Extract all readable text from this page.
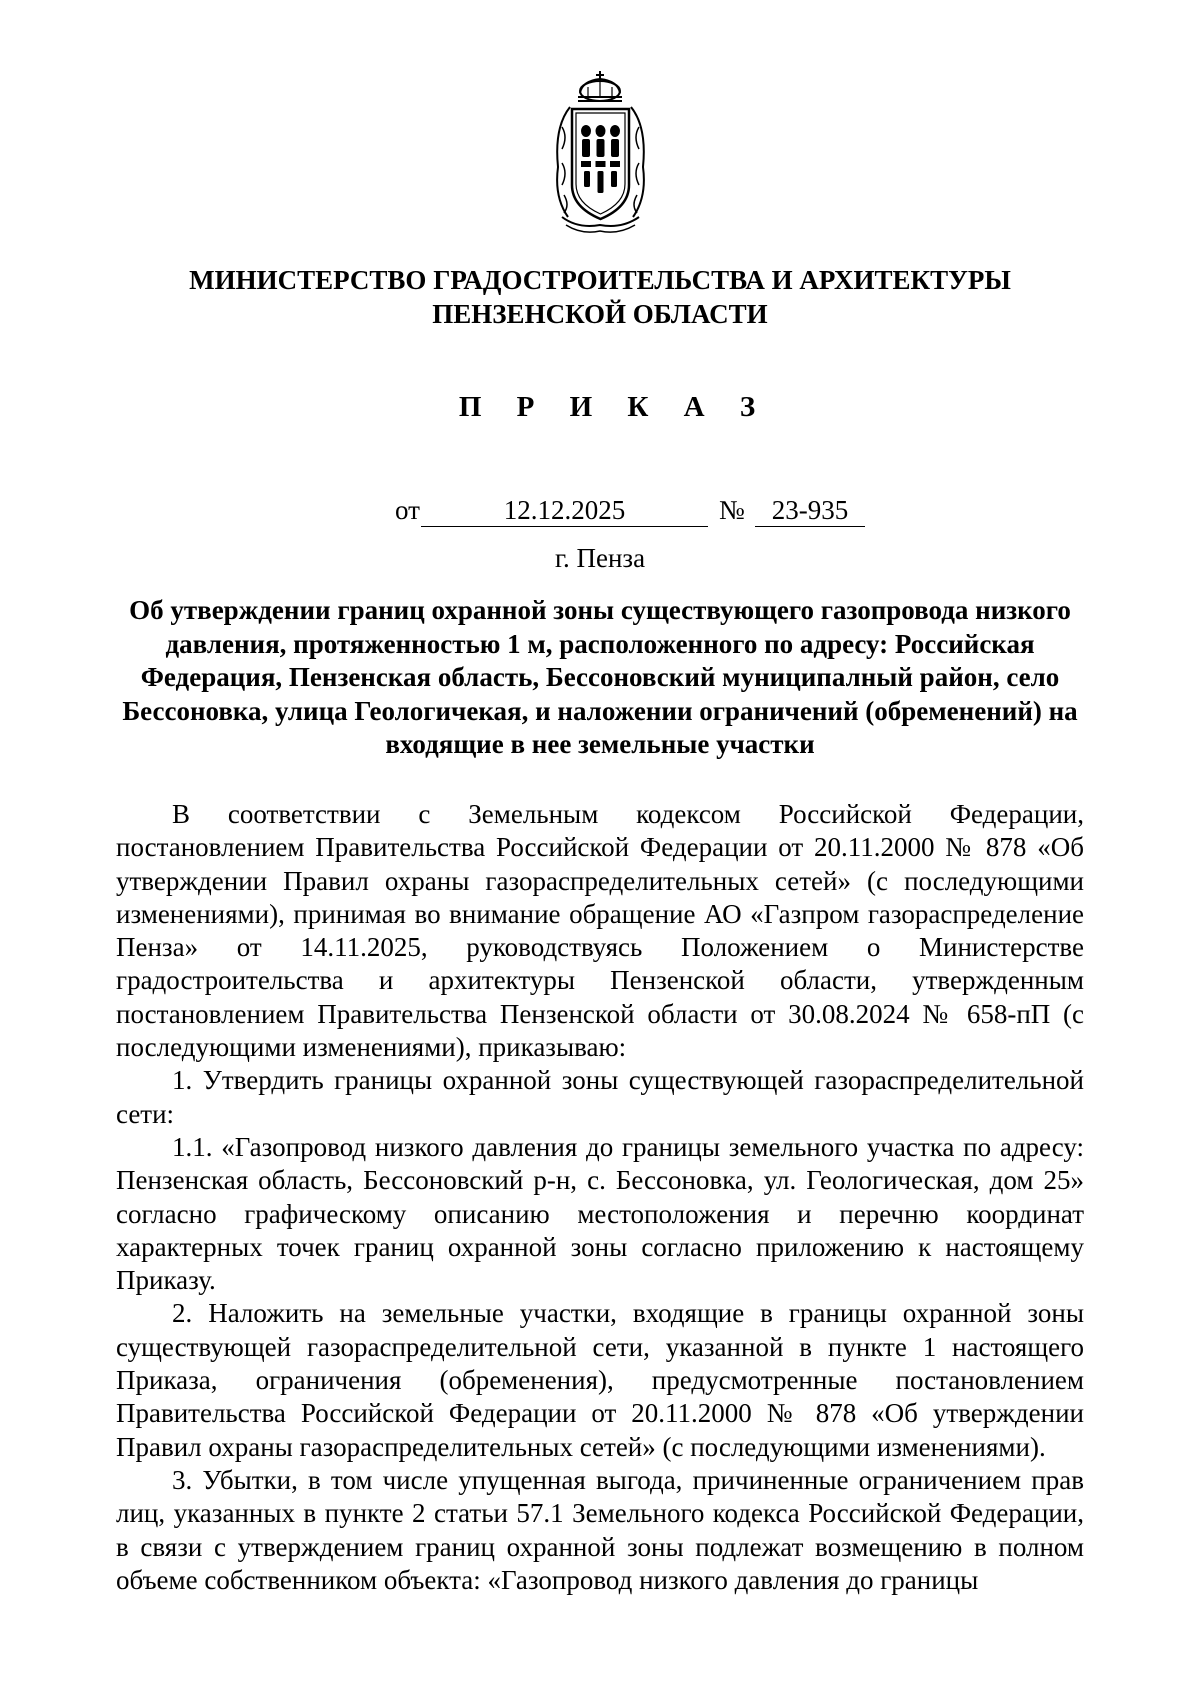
МИНИСТЕРСТВО ГРАДОСТРОИТЕЛЬСТВА И АРХИТЕКТУРЫ
ПЕНЗЕНСКОЙ ОБЛАСТИ
П Р И К А З
от	12.12.2025	№ 23-935
г. Пенза
Об утверждении границ охранной зоны существующего газопровода низкого давления, протяженностью 1 м, расположенного по адресу: Российская Федерация, Пензенская область, Бессоновский муниципалный район, село Бессоновка, улица Геологичекая, и наложении ограничений (обременений) на входящие в нее земельные участки

В соответствии с Земельным кодексом Российской Федерации, постановлением Правительства Российской Федерации от 20.11.2000 № 878 «Об утверждении Правил охраны газораспределительных сетей» (с последующими изменениями), принимая во внимание обращение АО «Газпром газораспределение Пенза» от 14.11.2025, руководствуясь Положением о Министерстве градостроительства и архитектуры Пензенской области, утвержденным постановлением Правительства Пензенской области от 30.08.2024 № 658-пП (с последующими изменениями), приказываю:

1. Утвердить границы охранной зоны существующей газораспределительной сети:

1.1. «Газопровод низкого давления до границы земельного участка по адресу: Пензенская область, Бессоновский р-н, с. Бессоновка, ул. Геологическая, дом 25» согласно графическому описанию местоположения и перечню координат характерных точек границ охранной зоны согласно приложению к настоящему Приказу.

2. Наложить на земельные участки, входящие в границы охранной зоны существующей газораспределительной сети, указанной в пункте 1 настоящего Приказа, ограничения (обременения), предусмотренные постановлением Правительства Российской Федерации от 20.11.2000 № 878 «Об утверждении Правил охраны газораспределительных сетей» (с последующими изменениями).

3. Убытки, в том числе упущенная выгода, причиненные ограничением прав лиц, указанных в пункте 2 статьи 57.1 Земельного кодекса Российской Федерации, в связи с утверждением границ охранной зоны подлежат возмещению в полном объеме собственником объекта: «Газопровод низкого давления до границы
